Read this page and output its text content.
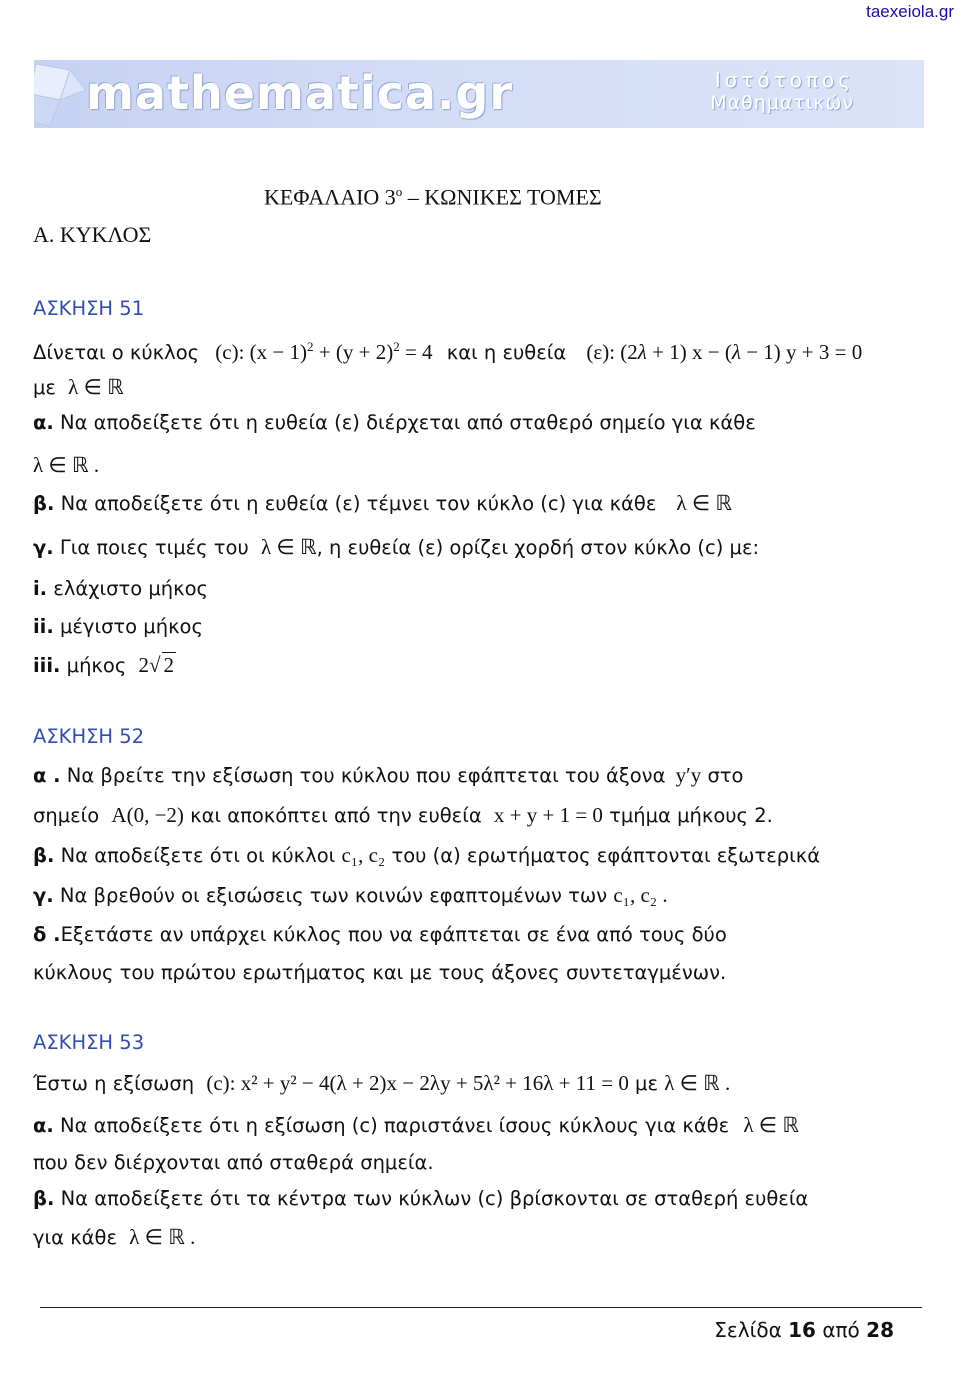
taexeiola.gr
mathematica.gr	Ιστότοπος
Μαθηματικών
ΚΕΦΑΛΑΙΟ $3^o$ – ΚΩΝΙΚΕΣ ΤΟΜΕΣ
Α. ΚΥΚΛΟΣ
ΑΣΚΗΣΗ 51
Δίνεται ο κύκλος (c): $(x - 1)^2 + (y + 2)^2 = 4$ και η ευθεία (ε): (2λ + 1) x − (λ − 1) y + 3 = 0
με λ ∈ ℝ
α. Να αποδείξετε ότι η ευθεία (ε) διέρχεται από σταθερό σημείο για κάθε
λ ∈ ℝ .
β. Να αποδείξετε ότι η ευθεία (ε) τέμνει τον κύκλο (c) για κάθε λ ∈ ℝ
γ. Για ποιες τιμές του λ ∈ ℝ, η ευθεία (ε) ορίζει χορδή στον κύκλο (c) με:
i. ελάχιστο μήκος
ii. μέγιστο μήκος
iii. μήκος 2√ 2
ΑΣΚΗΣΗ 52
α . Να βρείτε την εξίσωση του κύκλου που εφάπτεται του άξονα y′y στο
σημείο A(0, −2) και αποκόπτει από την ευθεία x + y + 1 = 0 τμήμα μήκους 2.
β. Να αποδείξετε ότι οι κύκλοι c₁, c₂ του (α) ερωτήματος εφάπτονται εξωτερικά
γ. Να βρεθούν οι εξισώσεις των κοινών εφαπτομένων των c₁, c₂ .
δ .Εξετάστε αν υπάρχει κύκλος που να εφάπτεται σε ένα από τους δύο
κύκλους του πρώτου ερωτήματος και με τους άξονες συντεταγμένων.
ΑΣΚΗΣΗ 53
Έστω η εξίσωση (c): x² + y² − 4(λ + 2)x − 2λy + 5λ² + 16λ + 11 = 0 με λ ∈ ℝ .
α. Να αποδείξετε ότι η εξίσωση (c) παριστάνει ίσους κύκλους για κάθε λ ∈ ℝ
που δεν διέρχονται από σταθερά σημεία.
β. Να αποδείξετε ότι τα κέντρα των κύκλων (c) βρίσκονται σε σταθερή ευθεία
για κάθε λ ∈ ℝ .
Σελίδα 16 από 28
